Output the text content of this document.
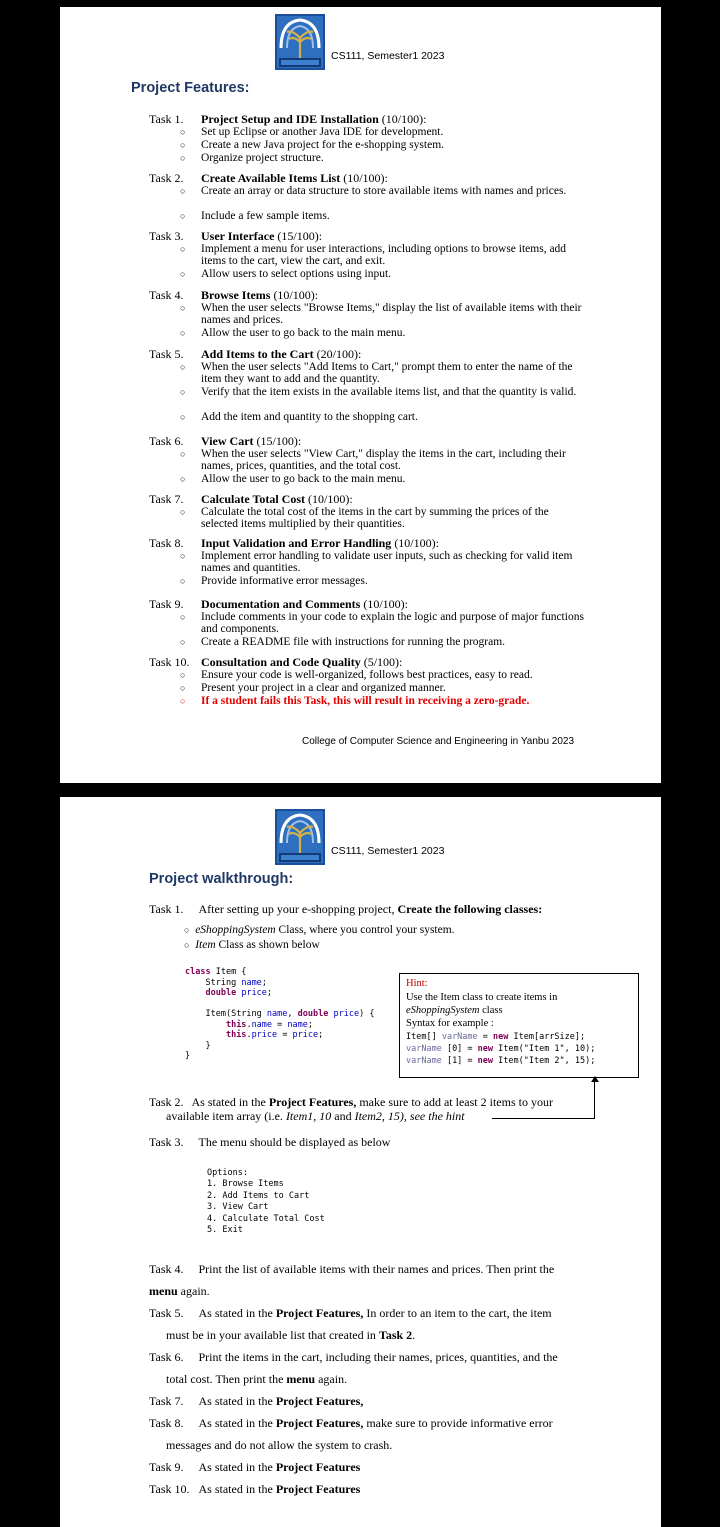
CS111, Semester1 2023
Project Features:
College of Computer Science and Engineering in Yanbu 2023
Task 1. Project Setup and IDE Installation (10/100):
○	Set up Eclipse or another Java IDE for development.
○	Create a new Java project for the e-shopping system.
○	Organize project structure.
Task 2. Create Available Items List (10/100):
○	Create an array or data structure to store available items with names and prices.
○	Include a few sample items.
Task 3. User Interface (15/100):
○	Implement a menu for user interactions, including options to browse items, add items to the cart, view the cart, and exit.
○	Allow users to select options using input.
Task 4. Browse Items (10/100):
○	When the user selects "Browse Items," display the list of available items with their names and prices.
○	Allow the user to go back to the main menu.
Task 5. Add Items to the Cart (20/100):
○	When the user selects "Add Items to Cart," prompt them to enter the name of the item they want to add and the quantity.
○	Verify that the item exists in the available items list, and that the quantity is valid.
○	Add the item and quantity to the shopping cart.
Task 6. View Cart (15/100):
○	When the user selects "View Cart," display the items in the cart, including their names, prices, quantities, and the total cost.
○	Allow the user to go back to the main menu.
Task 7. Calculate Total Cost (10/100):
○	Calculate the total cost of the items in the cart by summing the prices of the selected items multiplied by their quantities.
Task 8. Input Validation and Error Handling (10/100):
○	Implement error handling to validate user inputs, such as checking for valid item names and quantities.
○	Provide informative error messages.
Task 9. Documentation and Comments (10/100):
○	Include comments in your code to explain the logic and purpose of major functions and components.
○	Create a README file with instructions for running the program.
Task 10. Consultation and Code Quality (5/100):
○	Ensure your code is well-organized, follows best practices, easy to read.
○	Present your project in a clear and organized manner.
○	If a student fails this Task, this will result in receiving a zero-grade.
CS111, Semester1 2023
Project walkthrough:
Task 1. After setting up your e-shopping project, Create the following classes:
○ eShoppingSystem Class, where you control your system.
○ Item Class as shown below
class Item {
String name;
double price;

Item(String name, double price) {
this.name = name;
this.price = price;
}
}
Hint:
Use the Item class to create items in
eShoppingSystem class
Syntax for example :
Item[] varName = new Item[arrSize];
varName [0] = new Item("Item 1", 10);
varName [1] = new Item("Item 2", 15);
Task 2. As stated in the Project Features, make sure to add at least 2 items to your
available item array (i.e. Item1, 10 and Item2, 15), see the hint
Task 3. The menu should be displayed as below
Options:
1. Browse Items
2. Add Items to Cart
3. View Cart
4. Calculate Total Cost
5. Exit
Task 4. Print the list of available items with their names and prices. Then print the
menu again.
Task 5. As stated in the Project Features, In order to an item to the cart, the item
must be in your available list that created in Task 2.
Task 6. Print the items in the cart, including their names, prices, quantities, and the
total cost. Then print the menu again.
Task 7. As stated in the Project Features,
Task 8. As stated in the Project Features, make sure to provide informative error
messages and do not allow the system to crash.
Task 9. As stated in the Project Features
Task 10. As stated in the Project Features
